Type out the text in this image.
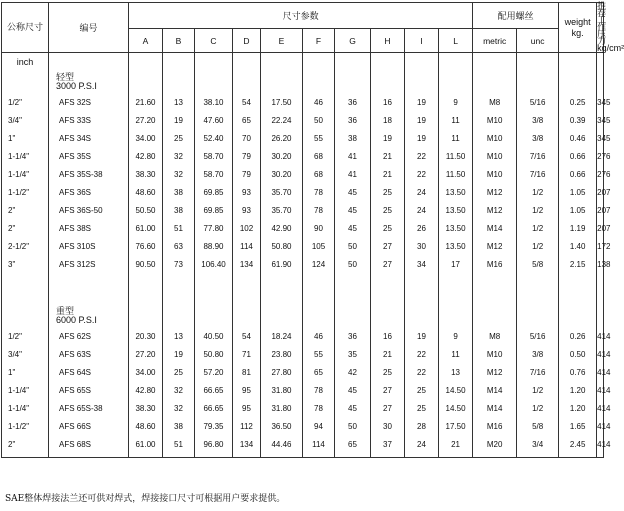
公称尺寸	编号	尺寸参数										配用螺丝		weight kg.	推荐工作压力 kg/cm²
		A	B	C	D	E	F	G	H	I	L	metric	unc		
inch															

	轻型
3000 P.S.I														

1/2"	AFS 32S	21.60	13	38.10	54	17.50	46	36	16	19	9	M8	5/16	0.25	345
3/4"	AFS 33S	27.20	19	47.60	65	22.24	50	36	18	19	11	M10	3/8	0.39	345
1"	AFS 34S	34.00	25	52.40	70	26.20	55	38	19	19	11	M10	3/8	0.46	345
1-1/4"	AFS 35S	42.80	32	58.70	79	30.20	68	41	21	22	11.50	M10	7/16	0.66	276
1-1/4"	AFS 35S-38	38.30	32	58.70	79	30.20	68	41	21	22	11.50	M10	7/16	0.66	276
1-1/2"	AFS 36S	48.60	38	69.85	93	35.70	78	45	25	24	13.50	M12	1/2	1.05	207
2"	AFS 36S-50	50.50	38	69.85	93	35.70	78	45	25	24	13.50	M12	1/2	1.05	207
2"	AFS 38S	61.00	51	77.80	102	42.90	90	45	25	26	13.50	M14	1/2	1.19	207
2-1/2"	AFS 310S	76.60	63	88.90	114	50.80	105	50	27	30	13.50	M12	1/2	1.40	172
3"	AFS 312S	90.50	73	106.40	134	61.90	124	50	27	34	17	M16	5/8	2.15	138

	重型
6000 P.S.I														

1/2"	AFS 62S	20.30	13	40.50	54	18.24	46	36	16	19	9	M8	5/16	0.26	414
3/4"	AFS 63S	27.20	19	50.80	71	23.80	55	35	21	22	11	M10	3/8	0.50	414
1"	AFS 64S	34.00	25	57.20	81	27.80	65	42	25	22	13	M12	7/16	0.76	414
1-1/4"	AFS 65S	42.80	32	66.65	95	31.80	78	45	27	25	14.50	M14	1/2	1.20	414
1-1/4"	AFS 65S-38	38.30	32	66.65	95	31.80	78	45	27	25	14.50	M14	1/2	1.20	414
1-1/2"	AFS 66S	48.60	38	79.35	112	36.50	94	50	30	28	17.50	M16	5/8	1.65	414
2"	AFS 68S	61.00	51	96.80	134	44.46	114	65	37	24	21	M20	3/4	2.45	414

SAE整体焊接法兰还可供对焊式，焊接接口尺寸可根据用户要求提供。
